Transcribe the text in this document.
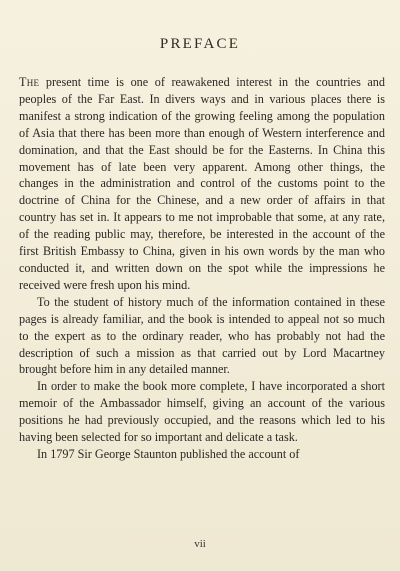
PREFACE

The present time is one of reawakened interest in the countries and peoples of the Far East. In divers ways and in various places there is manifest a strong indication of the growing feeling among the population of Asia that there has been more than enough of Western interference and domination, and that the East should be for the Easterns. In China this movement has of late been very apparent. Among other things, the changes in the administration and control of the customs point to the doctrine of China for the Chinese, and a new order of affairs in that country has set in. It appears to me not improbable that some, at any rate, of the reading public may, therefore, be interested in the account of the first British Embassy to China, given in his own words by the man who conducted it, and written down on the spot while the impressions he received were fresh upon his mind.

To the student of history much of the information contained in these pages is already familiar, and the book is intended to appeal not so much to the expert as to the ordinary reader, who has probably not had the description of such a mission as that carried out by Lord Macartney brought before him in any detailed manner.

In order to make the book more complete, I have incorporated a short memoir of the Ambassador himself, giving an account of the various positions he had previously occupied, and the reasons which led to his having been selected for so important and delicate a task.

In 1797 Sir George Staunton published the account of

vii
